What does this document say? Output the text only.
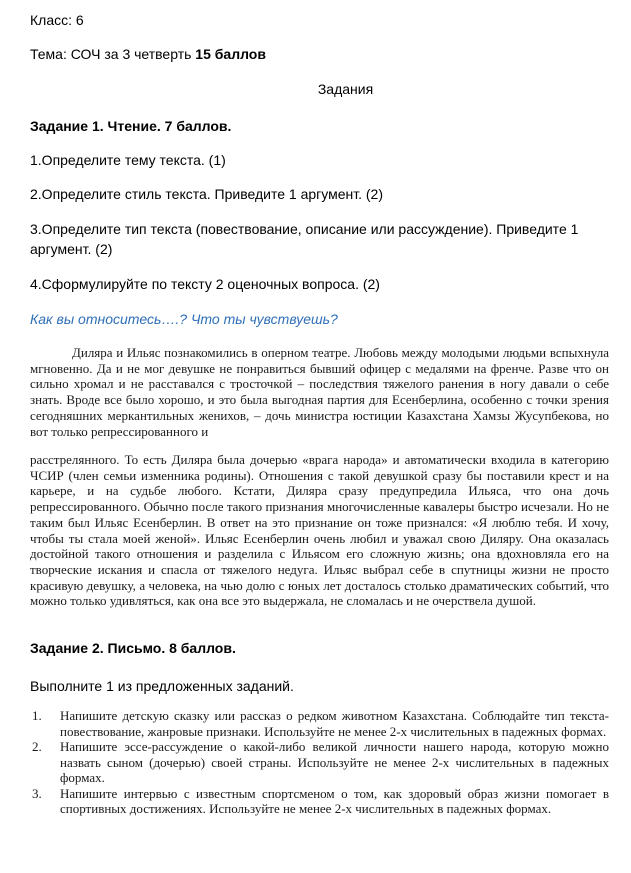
Класс: 6
Тема: СОЧ за 3 четверть 15 баллов
Задания
Задание 1. Чтение. 7 баллов.
1.Определите тему текста. (1)
2.Определите стиль текста. Приведите 1 аргумент. (2)
3.Определите тип текста (повествование, описание или рассуждение). Приведите 1 аргумент. (2)
4.Сформулируйте по тексту 2 оценочных вопроса. (2)
Как вы относитесь….? Что ты чувствуешь?

Диляра и Ильяс познакомились в оперном театре. Любовь между молодыми людьми вспыхнула мгновенно. Да и не мог девушке не понравиться бывший офицер с медалями на френче. Разве что он сильно хромал и не расставался с тросточкой – последствия тяжелого ранения в ногу давали о себе знать. Вроде все было хорошо, и это была выгодная партия для Есенберлина, особенно с точки зрения сегодняшних меркантильных женихов, – дочь министра юстиции Казахстана Хамзы Жусупбекова, но вот только репрессированного и

расстрелянного. То есть Диляра была дочерью «врага народа» и автоматически входила в категорию ЧСИР (член семьи изменника родины). Отношения с такой девушкой сразу бы поставили крест и на карьере, и на судьбе любого. Кстати, Диляра сразу предупредила Ильяса, что она дочь репрессированного. Обычно после такого признания многочисленные кавалеры быстро исчезали. Но не таким был Ильяс Есенберлин. В ответ на это признание он тоже признался: «Я люблю тебя. И хочу, чтобы ты стала моей женой». Ильяс Есенберлин очень любил и уважал свою Диляру. Она оказалась достойной такого отношения и разделила с Ильясом его сложную жизнь; она вдохновляла его на творческие искания и спасла от тяжелого недуга. Ильяс выбрал себе в спутницы жизни не просто красивую девушку, а человека, на чью долю с юных лет досталось столько драматических событий, что можно только удивляться, как она все это выдержала, не сломалась и не очерствела душой.

Задание 2. Письмо. 8 баллов.
Выполните 1 из предложенных заданий.
1. Напишите детскую сказку или рассказ о редком животном Казахстана. Соблюдайте тип текста-повествование, жанровые признаки. Используйте не менее 2-х числительных в падежных формах.
2. Напишите эссе-рассуждение о какой-либо великой личности нашего народа, которую можно назвать сыном (дочерью) своей страны. Используйте не менее 2-х числительных в падежных формах.
3. Напишите интервью с известным спортсменом о том, как здоровый образ жизни помогает в спортивных достижениях. Используйте не менее 2-х числительных в падежных формах.
